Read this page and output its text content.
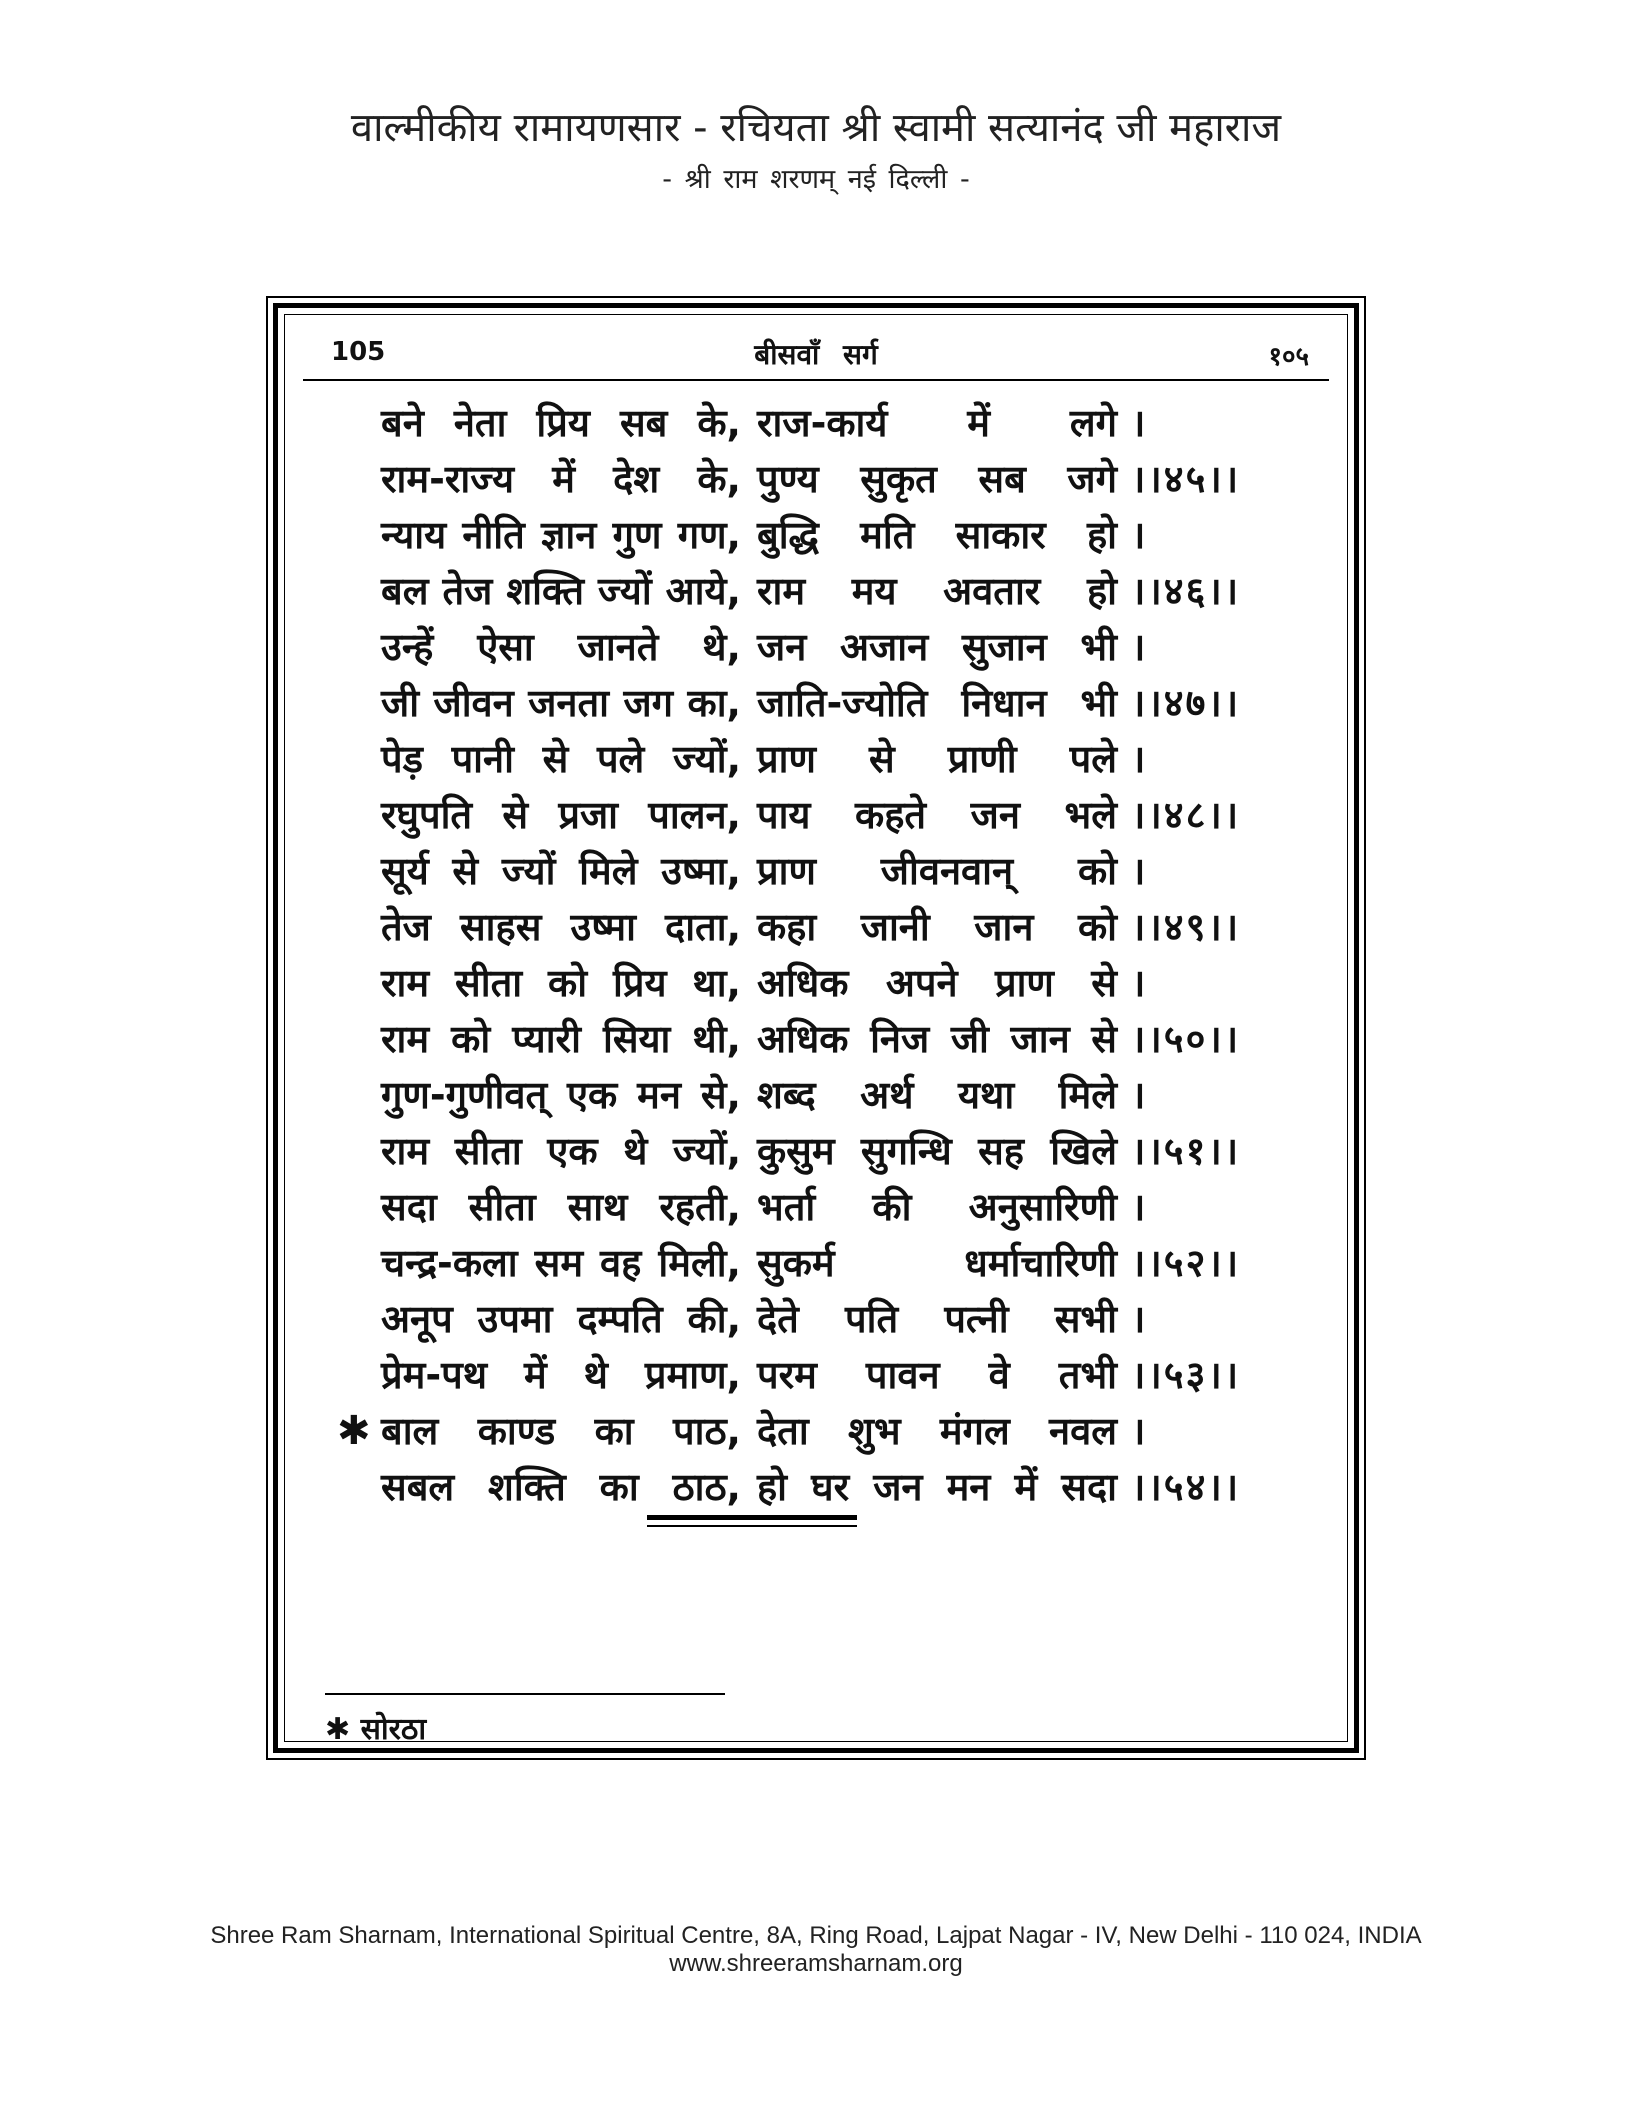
वाल्मीकीय रामायणसार - रचियता श्री स्वामी सत्यानंद जी महाराज
- श्री राम शरणम् नई दिल्ली -
105	बीसवाँ सर्ग	१०५
बने नेता प्रिय सब के, राज-कार्य में लगे ।
राम-राज्य में देश के, पुण्य सुकृत सब जगे ।।४५।।
न्याय नीति ज्ञान गुण गण, बुद्धि मति साकार हो ।
बल तेज शक्ति ज्यों आये, राम मय अवतार हो ।।४६।।
उन्हें ऐसा जानते थे, जन अजान सुजान भी ।
जी जीवन जनता जग का, जाति-ज्योति निधान भी ।।४७।।
पेड़ पानी से पले ज्यों, प्राण से प्राणी पले ।
रघुपति से प्रजा पालन, पाय कहते जन भले ।।४८।।
सूर्य से ज्यों मिले उष्मा, प्राण जीवनवान् को ।
तेज साहस उष्मा दाता, कहा जानी जान को ।।४९।।
राम सीता को प्रिय था, अधिक अपने प्राण से ।
राम को प्यारी सिया थी, अधिक निज जी जान से ।।५०।।
गुण-गुणीवत् एक मन से, शब्द अर्थ यथा मिले ।
राम सीता एक थे ज्यों, कुसुम सुगन्धि सह खिले ।।५१।।
सदा सीता साथ रहती, भर्ता की अनुसारिणी ।
चन्द्र-कला सम वह मिली, सुकर्म धर्माचारिणी ।।५२।।
अनूप उपमा दम्पति की, देते पति पत्नी सभी ।
प्रेम-पथ में थे प्रमाण, परम पावन वे तभी ।।५३।।
✱ बाल काण्ड का पाठ, देता शुभ मंगल नवल ।
सबल शक्ति का ठाठ, हो घर जन मन में सदा ।।५४।।
✱ सोरठा
Shree Ram Sharnam, International Spiritual Centre, 8A, Ring Road, Lajpat Nagar - IV, New Delhi - 110 024, INDIA
www.shreeramsharnam.org
